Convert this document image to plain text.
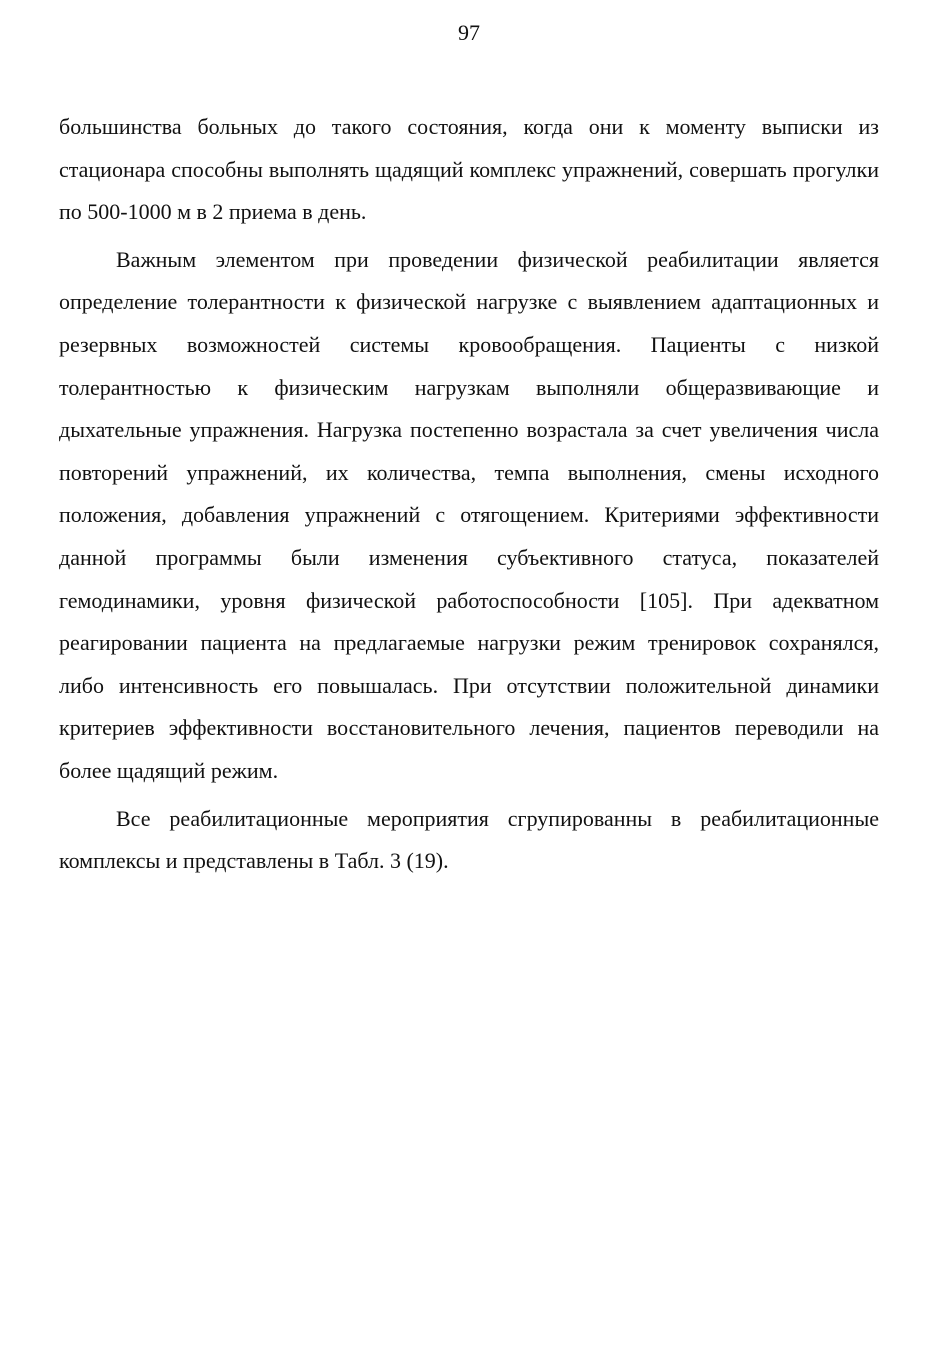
97

большинства больных до такого состояния, когда они к моменту выписки из стационара способны выполнять щадящий комплекс упражнений, совершать прогулки по 500-1000 м в 2 приема в день.

Важным элементом при проведении физической реабилитации является определение толерантности к физической нагрузке с выявлением адаптационных и резервных возможностей системы кровообращения. Пациенты с низкой толерантностью к физическим нагрузкам выполняли общеразвивающие и дыхательные упражнения. Нагрузка постепенно возрастала за счет увеличения числа повторений упражнений, их количества, темпа выполнения, смены исходного положения, добавления упражнений с отягощением. Критериями эффективности данной программы были изменения субъективного статуса, показателей гемодинамики, уровня физической работоспособности [105]. При адекватном реагировании пациента на предлагаемые нагрузки режим тренировок сохранялся, либо интенсивность его повышалась. При отсутствии положительной динамики критериев эффективности восстановительного лечения, пациентов переводили на более щадящий режим.

Все реабилитационные мероприятия сгрупированны в реабилитационные комплексы и представлены в Табл. 3 (19).
